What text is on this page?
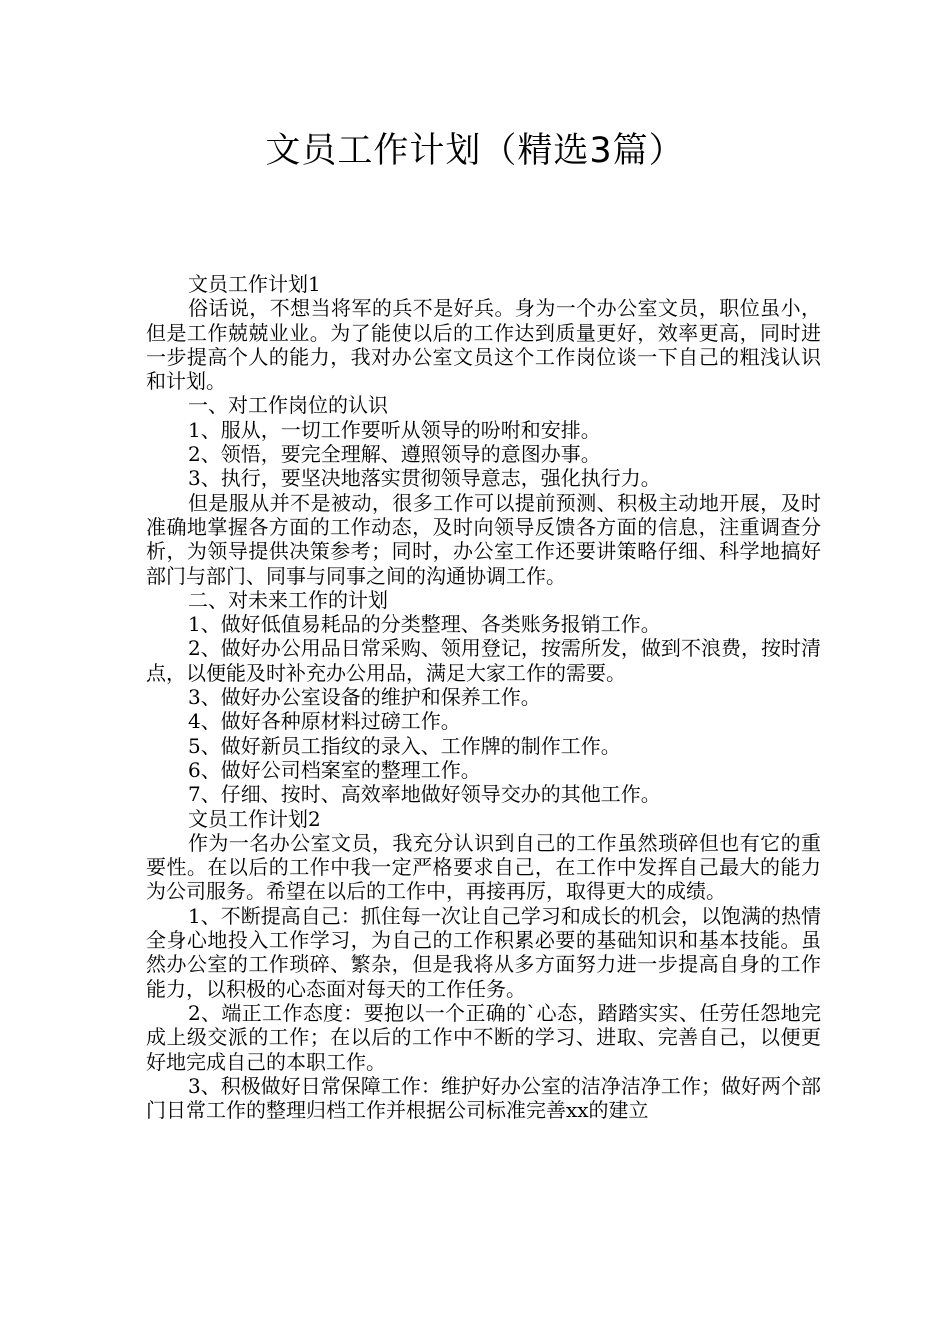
文员工作计划（精选3篇）

文员工作计划1

俗话说，不想当将军的兵不是好兵。身为一个办公室文员，职位虽小，但是工作兢兢业业。为了能使以后的工作达到质量更好，效率更高，同时进一步提高个人的能力，我对办公室文员这个工作岗位谈一下自己的粗浅认识和计划。

一、对工作岗位的认识

1、服从，一切工作要听从领导的吩咐和安排。

2、领悟，要完全理解、遵照领导的意图办事。

3、执行，要坚决地落实贯彻领导意志，强化执行力。

但是服从并不是被动，很多工作可以提前预测、积极主动地开展，及时准确地掌握各方面的工作动态，及时向领导反馈各方面的信息，注重调查分析，为领导提供决策参考；同时，办公室工作还要讲策略仔细、科学地搞好部门与部门、同事与同事之间的沟通协调工作。

二、对未来工作的计划

1、做好低值易耗品的分类整理、各类账务报销工作。

2、做好办公用品日常采购、领用登记，按需所发，做到不浪费，按时清点，以便能及时补充办公用品，满足大家工作的需要。

3、做好办公室设备的维护和保养工作。

4、做好各种原材料过磅工作。

5、做好新员工指纹的录入、工作牌的制作工作。

6、做好公司档案室的整理工作。

7、仔细、按时、高效率地做好领导交办的其他工作。

文员工作计划2

作为一名办公室文员，我充分认识到自己的工作虽然琐碎但也有它的重要性。在以后的工作中我一定严格要求自己，在工作中发挥自己最大的能力为公司服务。希望在以后的工作中，再接再厉，取得更大的成绩。

1、不断提高自己：抓住每一次让自己学习和成长的机会，以饱满的热情全身心地投入工作学习，为自己的工作积累必要的基础知识和基本技能。虽然办公室的工作琐碎、繁杂，但是我将从多方面努力进一步提高自身的工作能力，以积极的心态面对每天的工作任务。

2、端正工作态度：要抱以一个正确的`心态，踏踏实实、任劳任怨地完成上级交派的工作；在以后的工作中不断的学习、进取、完善自己，以便更好地完成自己的本职工作。

3、积极做好日常保障工作：维护好办公室的洁净洁净工作；做好两个部门日常工作的整理归档工作并根据公司标准完善xx的建立
